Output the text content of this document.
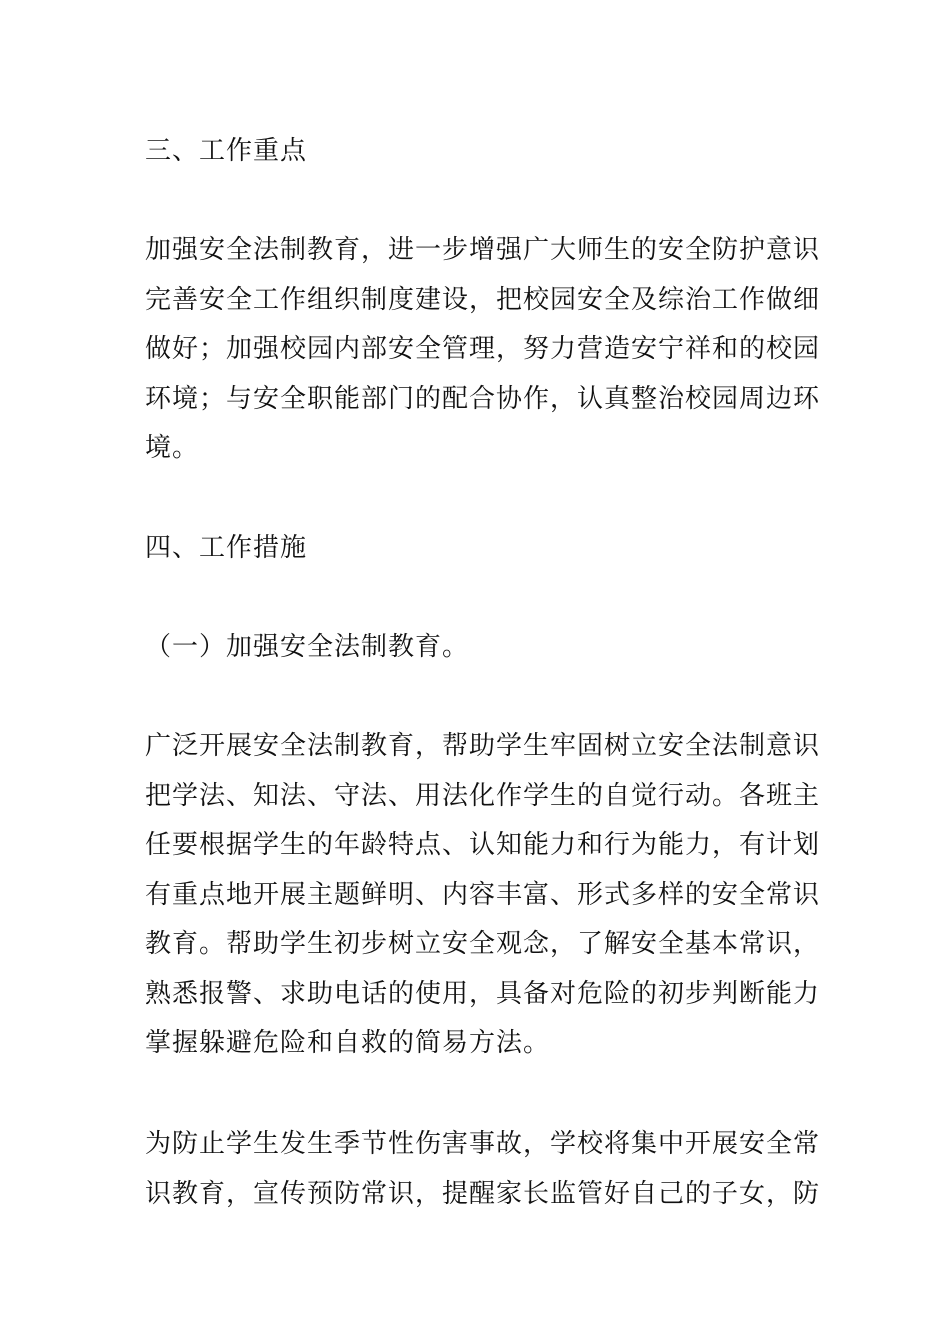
三、工作重点
加强安全法制教育，进一步增强广大师生的安全防护意识
完善安全工作组织制度建设，把校园安全及综治工作做细
做好；加强校园内部安全管理，努力营造安宁祥和的校园
环境；与安全职能部门的配合协作，认真整治校园周边环
境。
四、工作措施
（一）加强安全法制教育。
广泛开展安全法制教育，帮助学生牢固树立安全法制意识
把学法、知法、守法、用法化作学生的自觉行动。各班主
任要根据学生的年龄特点、认知能力和行为能力，有计划
有重点地开展主题鲜明、内容丰富、形式多样的安全常识
教育。帮助学生初步树立安全观念，了解安全基本常识，
熟悉报警、求助电话的使用，具备对危险的初步判断能力
掌握躲避危险和自救的简易方法。
为防止学生发生季节性伤害事故，学校将集中开展安全常
识教育，宣传预防常识，提醒家长监管好自己的子女，防
